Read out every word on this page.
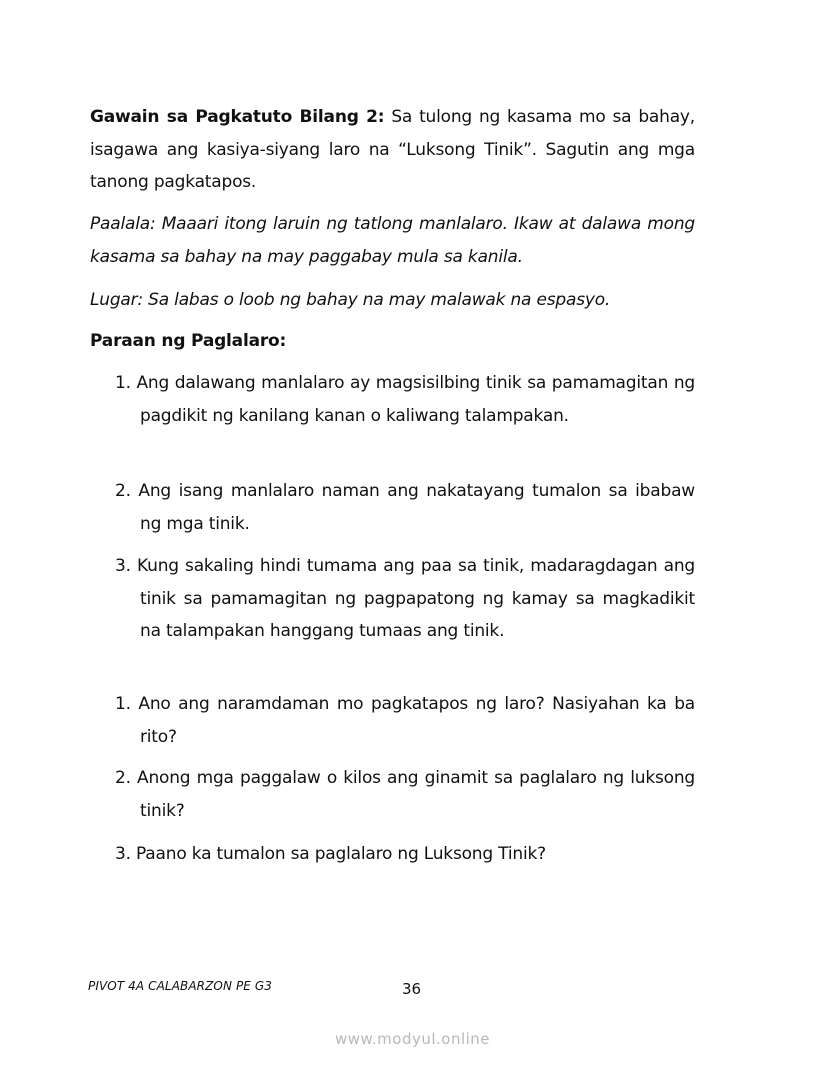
Gawain sa Pagkatuto Bilang 2: Sa tulong ng kasama mo sa bahay, isagawa ang kasiya-siyang laro na “Luksong Tinik”. Sagutin ang mga tanong pagkatapos.
Paalala: Maaari itong laruin ng tatlong manlalaro. Ikaw at dalawa mong kasama sa bahay na may paggabay mula sa kanila.
Lugar: Sa labas o loob ng bahay na may malawak na espasyo.
Paraan ng Paglalaro:
1. Ang dalawang manlalaro ay magsisilbing tinik sa pamamagitan ng pagdikit ng kanilang kanan o kaliwang talampakan.
2. Ang isang manlalaro naman ang nakatayang tumalon sa ibabaw ng mga tinik.
3. Kung sakaling hindi tumama ang paa sa tinik, madaragdagan ang tinik sa pamamagitan ng pagpapatong ng kamay sa magkadikit na talampakan hanggang tumaas ang tinik.
1. Ano ang naramdaman mo pagkatapos ng laro? Nasiyahan ka ba rito?
2. Anong mga paggalaw o kilos ang ginamit sa paglalaro ng luksong tinik?
3. Paano ka tumalon sa paglalaro ng Luksong Tinik?
PIVOT 4A CALABARZON PE G3	36
www.modyul.online
